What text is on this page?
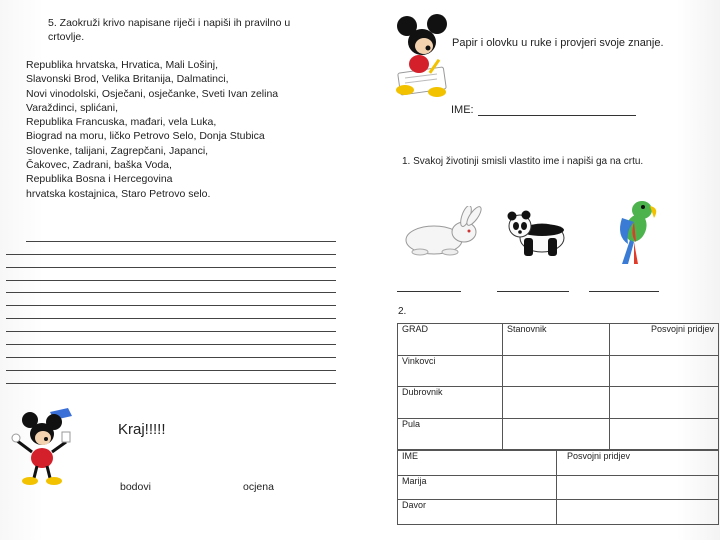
5. Zaokruži krivo napisane riječi i napiši ih pravilno u crtovlje.
Republika hrvatska, Hrvatica, Mali Lošinj,
Slavonski Brod, Velika Britanija, Dalmatinci,
Novi vinodolski, Osječani, osječanke, Sveti Ivan zelina
Varaždinci, splićani,
Republika Francuska, mađari, vela Luka,
Biograd na moru, ličko Petrovo Selo, Donja Stubica
Slovenke, talijani, Zagrepčani, Japanci,
Čakovec, Zadrani, baška Voda,
Republika Bosna i Hercegovina
hrvatska kostajnica, Staro Petrovo selo.
Papir i olovku u ruke i provjeri svoje znanje.
IME:
1. Svakoj životinji smisli vlastito ime i napiši ga na crtu.
2.
GRAD	Stanovnik	Posvojni pridjev
Vinkovci		
Dubrovnik		
Pula		
IME	Posvojni pridjev
Marija	
Davor	
Kraj!!!!!
bodovi	ocjena
